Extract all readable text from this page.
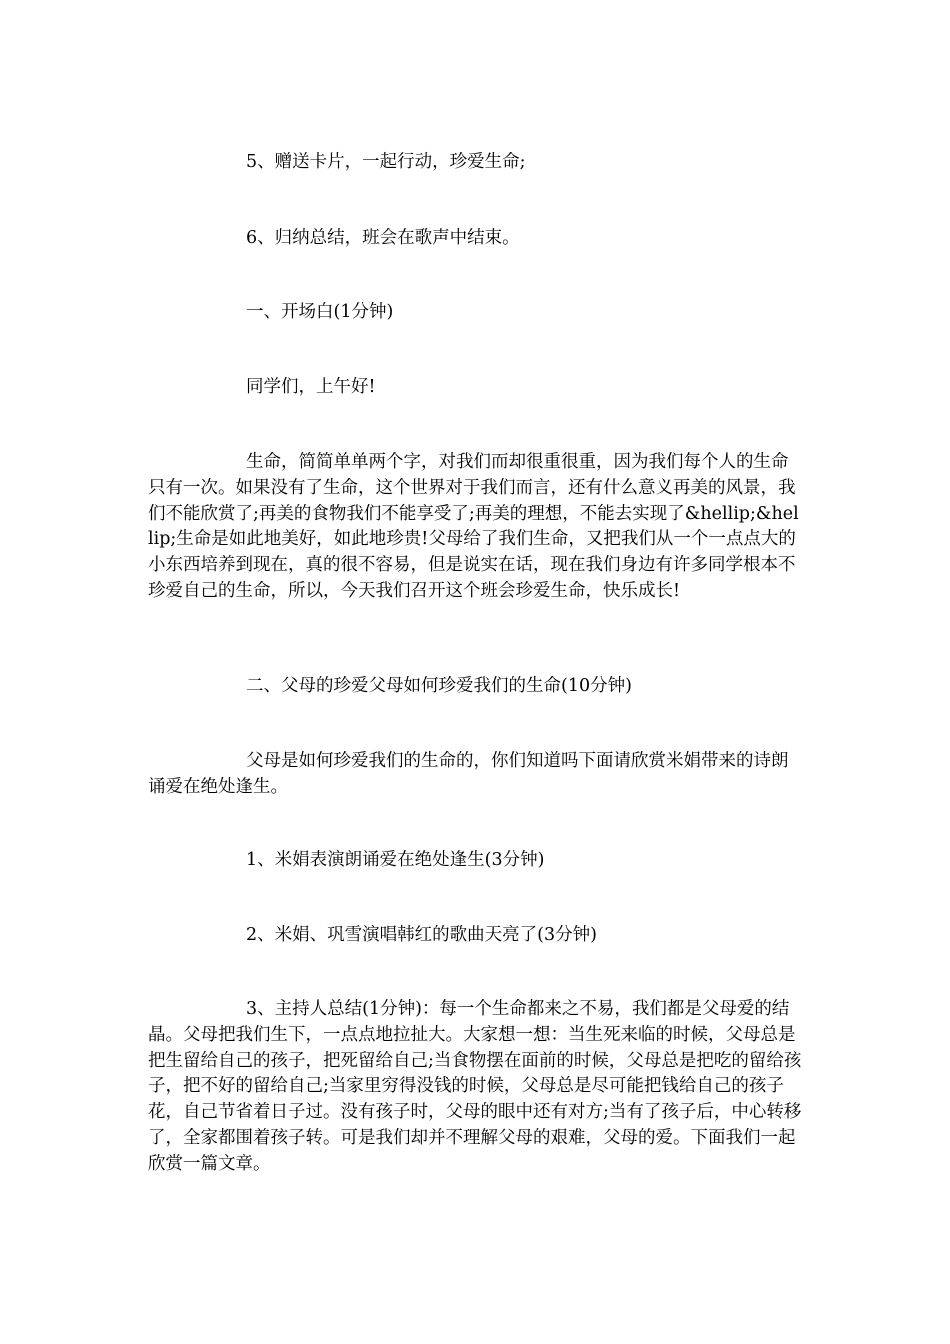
5、赠送卡片，一起行动，珍爱生命;

6、归纳总结，班会在歌声中结束。

一、开场白(1分钟)

同学们，上午好!

生命，简简单单两个字，对我们而却很重很重，因为我们每个人的生命只有一次。如果没有了生命，这个世界对于我们而言，还有什么意义再美的风景，我们不能欣赏了;再美的食物我们不能享受了;再美的理想，不能去实现了&hellip;&hellip;生命是如此地美好，如此地珍贵!父母给了我们生命，又把我们从一个一点点大的小东西培养到现在，真的很不容易，但是说实在话，现在我们身边有许多同学根本不珍爱自己的生命，所以，今天我们召开这个班会珍爱生命，快乐成长!

二、父母的珍爱父母如何珍爱我们的生命(10分钟)

父母是如何珍爱我们的生命的，你们知道吗下面请欣赏米娟带来的诗朗诵爱在绝处逢生。

1、米娟表演朗诵爱在绝处逢生(3分钟)

2、米娟、巩雪演唱韩红的歌曲天亮了(3分钟)

3、主持人总结(1分钟)：每一个生命都来之不易，我们都是父母爱的结晶。父母把我们生下，一点点地拉扯大。大家想一想：当生死来临的时候，父母总是把生留给自己的孩子，把死留给自己;当食物摆在面前的时候，父母总是把吃的留给孩子，把不好的留给自己;当家里穷得没钱的时候，父母总是尽可能把钱给自己的孩子花，自己节省着日子过。没有孩子时，父母的眼中还有对方;当有了孩子后，中心转移了，全家都围着孩子转。可是我们却并不理解父母的艰难，父母的爱。下面我们一起欣赏一篇文章。
